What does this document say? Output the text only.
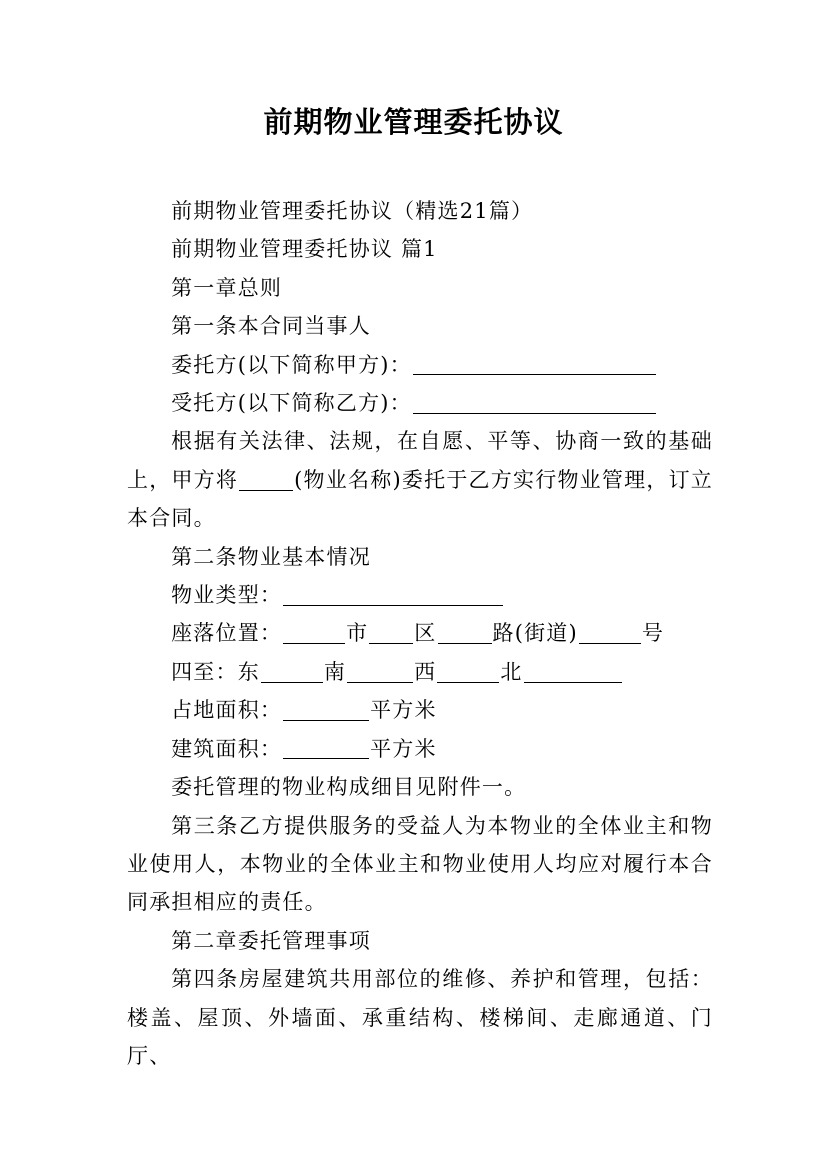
前期物业管理委托协议

前期物业管理委托协议（精选21篇）

前期物业管理委托协议 篇1

第一章总则

第一条本合同当事人

委托方(以下简称甲方)：

受托方(以下简称乙方)：

根据有关法律、法规，在自愿、平等、协商一致的基础上，甲方将	(物业名称)委托于乙方实行物业管理，订立本合同。

第二条物业基本情况

物业类型：

座落位置：	市 区	路(街道)	号

四至：东	南	西	北

占地面积：	平方米

建筑面积：	平方米

委托管理的物业构成细目见附件一。

第三条乙方提供服务的受益人为本物业的全体业主和物业使用人，本物业的全体业主和物业使用人均应对履行本合同承担相应的责任。

第二章委托管理事项

第四条房屋建筑共用部位的维修、养护和管理，包括：楼盖、屋顶、外墙面、承重结构、楼梯间、走廊通道、门厅、
